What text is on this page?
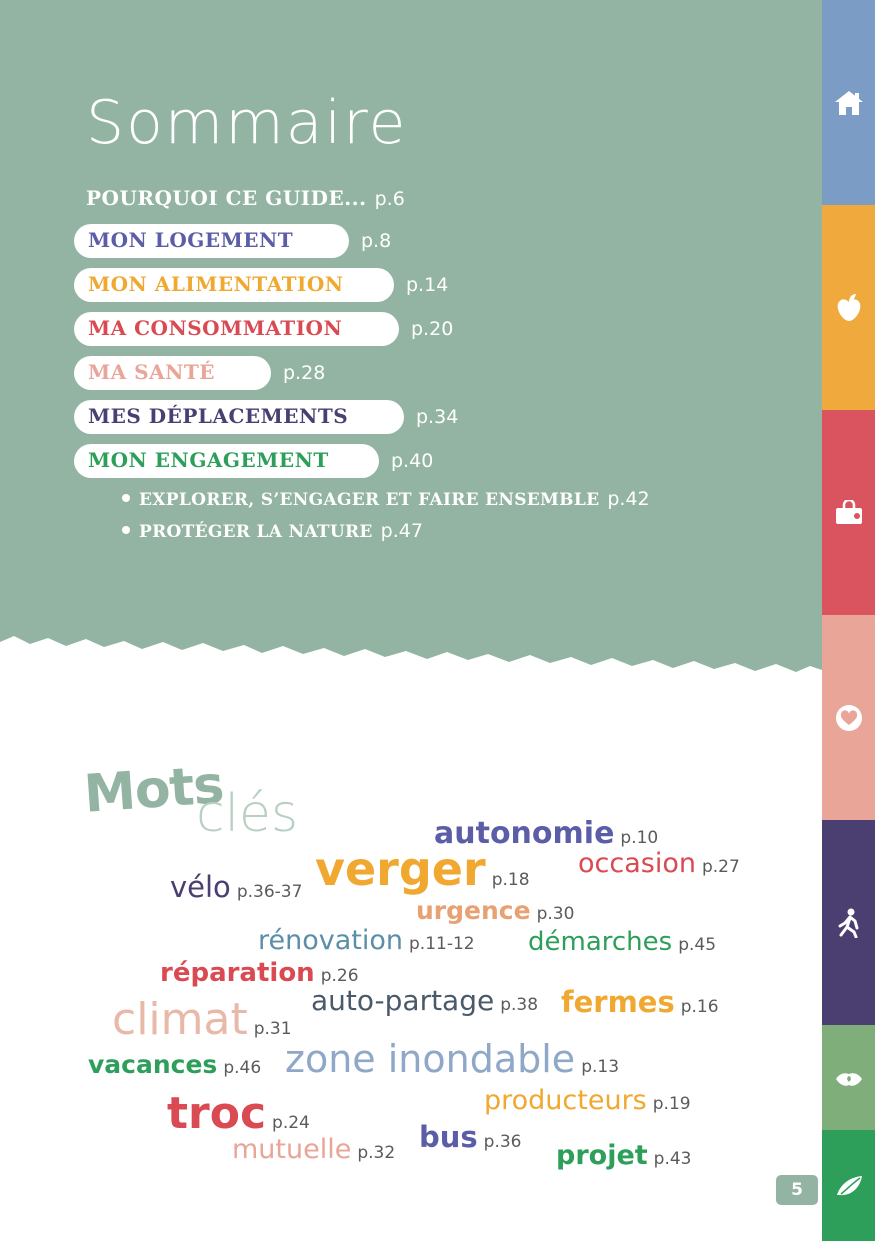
Sommaire
POURQUOI CE GUIDE... p.6
MON LOGEMENT	p.8
MON ALIMENTATION	p.14
MA CONSOMMATION	p.20
MA SANTÉ	p.28
MES DÉPLACEMENTS	p.34
MON ENGAGEMENT	p.40
EXPLORER, S’ENGAGER ET FAIRE ENSEMBLE p.42
PROTÉGER LA NATURE p.47
Mots
clés	autonomie p.10
verger p.18
occasion p.27
vélo p.36-37
urgence p.30
rénovation p.11-12 démarches p.45
réparation p.26
climat p.31
auto-partage p.38 fermes p.16
vacances p.46 zone inondable p.13
troc p.24
producteurs p.19
mutuelle p.32 bus p.36 projet p.43
5
